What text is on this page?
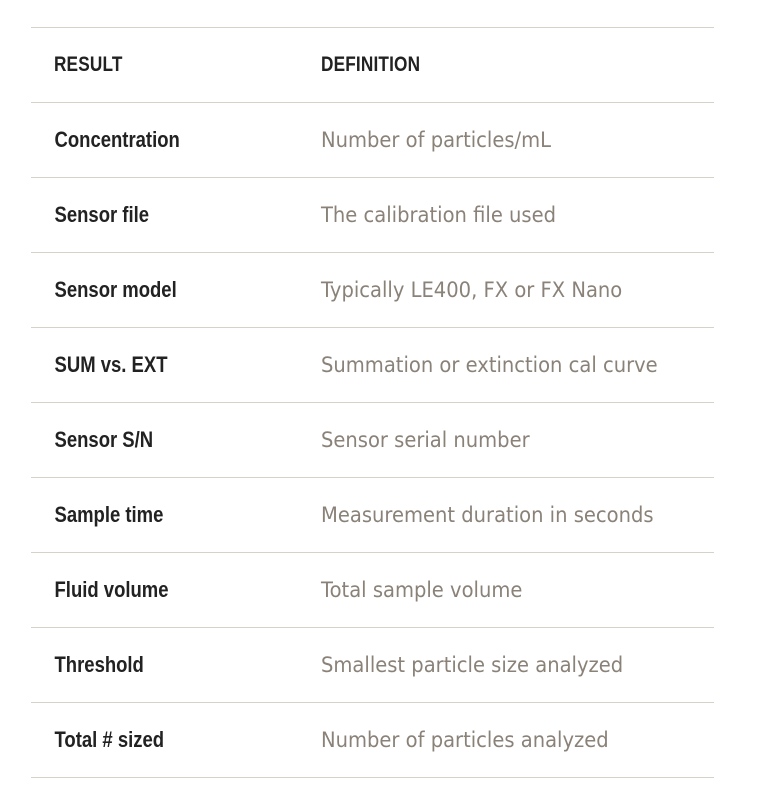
RESULT	DEFINITION
Concentration	Number of particles/mL
Sensor file	The calibration file used
Sensor model	Typically LE400, FX or FX Nano
SUM vs. EXT	Summation or extinction cal curve
Sensor S/N	Sensor serial number
Sample time	Measurement duration in seconds
Fluid volume	Total sample volume
Threshold	Smallest particle size analyzed
Total # sized	Number of particles analyzed
